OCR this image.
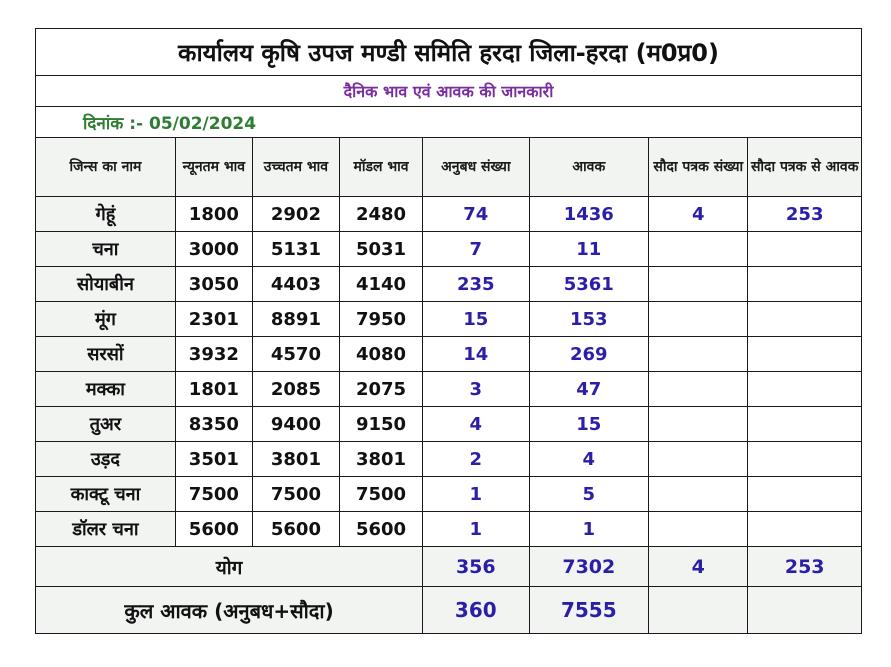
कार्यालय कृषि उपज मण्डी समिति हरदा जिला-हरदा (म0प्र0)							
दैनिक भाव एवं आवक की जानकारी							
दिनांक :- 05/02/2024							
जिन्स का नाम	न्यूनतम भाव	उच्चतम भाव	मॉडल भाव	अनुबध संख्या	आवक	सौदा पत्रक संख्या	सौदा पत्रक से आवक
गेहूं	1800	2902	2480	74	1436	4	253
चना	3000	5131	5031	7	11		
सोयाबीन	3050	4403	4140	235	5361		
मूंग	2301	8891	7950	15	153		
सरसों	3932	4570	4080	14	269		
मक्का	1801	2085	2075	3	47		
तुअर	8350	9400	9150	4	15		
उड़द	3501	3801	3801	2	4		
काक्टू चना	7500	7500	7500	1	5		
डॉलर चना	5600	5600	5600	1	1		
योग				356	7302	4	253
कुल आवक (अनुबध+सौदा)				360	7555		
